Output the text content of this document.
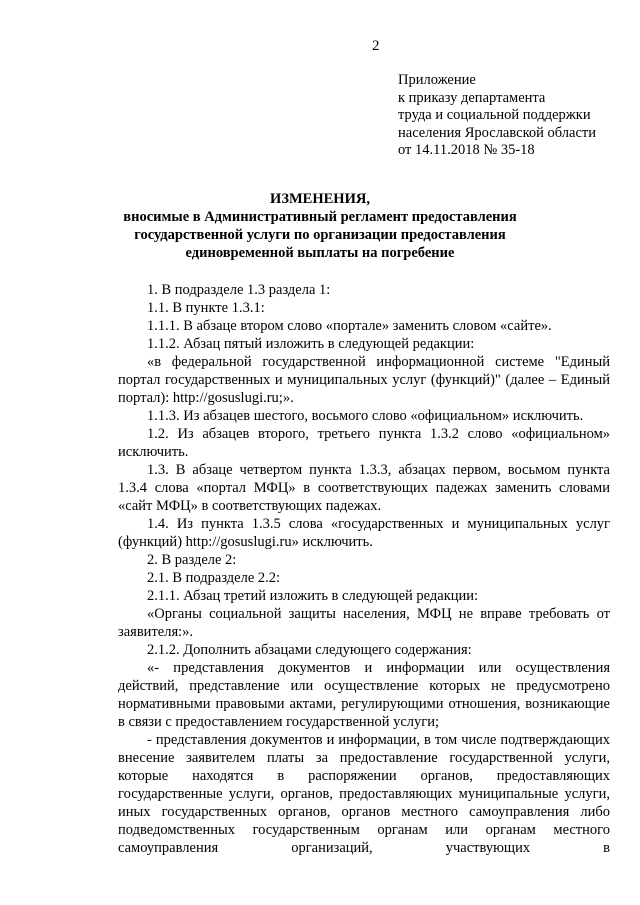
2
Приложение
к приказу департамента
труда и социальной поддержки
населения Ярославской области
от 14.11.2018 № 35-18
ИЗМЕНЕНИЯ,
вносимые в Административный регламент предоставления
государственной услуги по организации предоставления
единовременной выплаты на погребение
1. В подразделе 1.3 раздела 1:
1.1. В пункте 1.3.1:
1.1.1. В абзаце втором слово «портале» заменить словом «сайте».
1.1.2. Абзац пятый изложить в следующей редакции:
«в федеральной государственной информационной системе "Единый портал государственных и муниципальных услуг (функций)" (далее – Единый портал): http://gosuslugi.ru;».
1.1.3. Из абзацев шестого, восьмого слово «официальном» исключить.
1.2. Из абзацев второго, третьего пункта 1.3.2 слово «официальном» исключить.
1.3. В абзаце четвертом пункта 1.3.3, абзацах первом, восьмом пункта 1.3.4 слова «портал МФЦ» в соответствующих падежах заменить словами «сайт МФЦ» в соответствующих падежах.
1.4. Из пункта 1.3.5 слова «государственных и муниципальных услуг (функций) http://gosuslugi.ru» исключить.
2. В разделе 2:
2.1. В подразделе 2.2:
2.1.1. Абзац третий изложить в следующей редакции:
«Органы социальной защиты населения, МФЦ не вправе требовать от заявителя:».
2.1.2. Дополнить абзацами следующего содержания:
«- представления документов и информации или осуществления действий, представление или осуществление которых не предусмотрено нормативными правовыми актами, регулирующими отношения, возникающие в связи с предоставлением государственной услуги;
- представления документов и информации, в том числе подтверждающих внесение заявителем платы за предоставление государственной услуги, которые находятся в распоряжении органов, предоставляющих государственные услуги, органов, предоставляющих муниципальные услуги, иных государственных органов, органов местного самоуправления либо подведомственных государственным органам или органам местного самоуправления организаций, участвующих в
